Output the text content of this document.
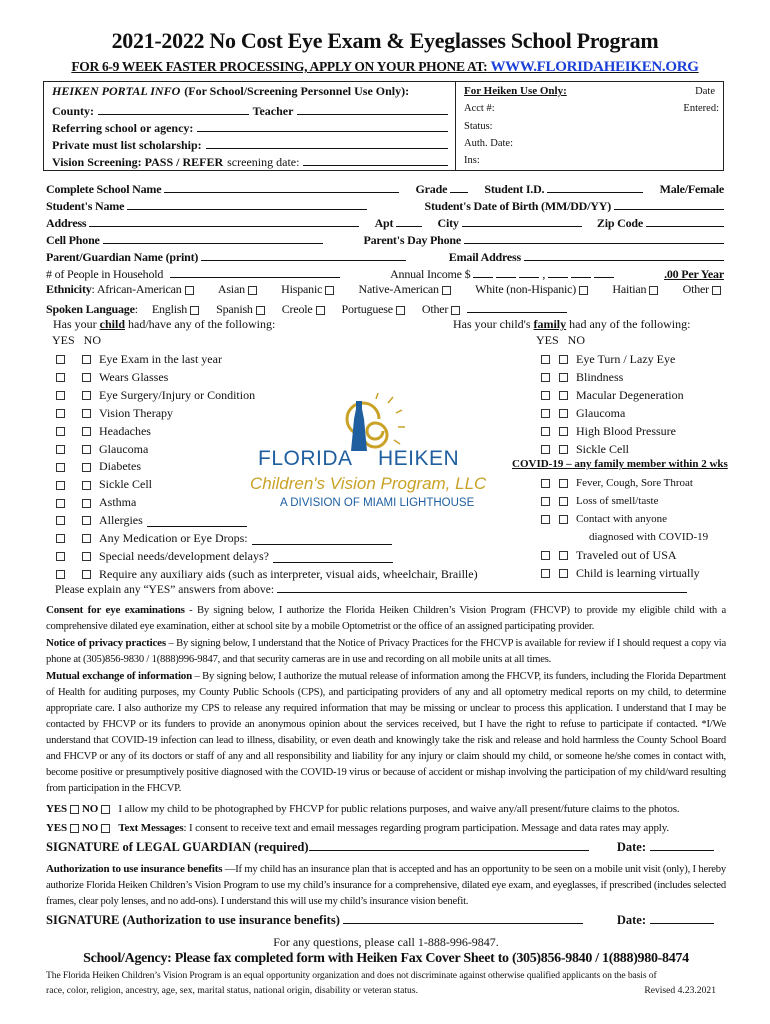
2021-2022 No Cost Eye Exam & Eyeglasses School Program
FOR 6-9 WEEK FASTER PROCESSING, APPLY ON YOUR PHONE AT: WWW.FLORIDAHEIKEN.ORG
HEIKEN PORTAL INFO (For School/Screening Personnel Use Only):
County:	Teacher
Referring school or agency:
Private must list scholarship:
Vision Screening: PASS / REFER screening date:
For Heiken Use Only:	Date
Entered:
Acct #:
Status:
Auth. Date:
Ins:
Complete School Name	Grade	Student I.D.	Male/Female
Student's Name	Student's Date of Birth (MM/DD/YY)
Address	Apt	City	Zip Code
Cell Phone	Parent's Day Phone
Parent/Guardian Name (print)	Email Address
# of People in Household	Annual Income $	,	.00 Per Year
Ethnicity: African-American	Asian	Hispanic	Native-American	White (non-Hispanic)	Haitian	Other
Spoken Language: English	Spanish	Creole	Portuguese	Other
Has your child had/have any of the following:	Has your child's family had any of the following:
YES NO	YES NO
Eye Exam in the last year
Wears Glasses
Eye Surgery/Injury or Condition
Vision Therapy
Headaches
Glaucoma
Diabetes
Sickle Cell
Asthma
Allergies
Any Medication or Eye Drops:
Special needs/development delays?
Require any auxiliary aids (such as interpreter, visual aids, wheelchair, Braille)
Eye Turn / Lazy Eye
Blindness
Macular Degeneration
Glaucoma
High Blood Pressure
Sickle Cell
Fever, Cough, Sore Throat
Loss of smell/taste
Contact with anyone
diagnosed with COVID-19
Traveled out of USA
Child is learning virtually
COVID-19 – any family member within 2 wks
Please explain any “YES” answers from above:
FLORIDA HEIKEN
Children's Vision Program, LLC
A DIVISION OF MIAMI LIGHTHOUSE
Consent for eye examinations - By signing below, I authorize the Florida Heiken Children’s Vision Program (FHCVP) to provide my eligible child with a comprehensive dilated eye examination, either at school site by a mobile Optometrist or the office of an assigned participating provider.
Notice of privacy practices – By signing below, I understand that the Notice of Privacy Practices for the FHCVP is available for review if I should request a copy via phone at (305)856-9830 / 1(888)996-9847, and that security cameras are in use and recording on all mobile units at all times.
Mutual exchange of information – By signing below, I authorize the mutual release of information among the FHCVP, its funders, including the Florida Department of Health for auditing purposes, my County Public Schools (CPS), and participating providers of any and all optometry medical reports on my child, to determine appropriate care. I also authorize my CPS to release any required information that may be missing or unclear to process this application. I understand that I may be contacted by FHCVP or its funders to provide an anonymous opinion about the services received, but I have the right to refuse to participate if contacted. *I/We understand that COVID-19 infection can lead to illness, disability, or even death and knowingly take the risk and release and hold harmless the County School Board and FHCVP or any of its doctors or staff of any and all responsibility and liability for any injury or claim should my child, or someone he/she comes in contact with, become positive or presumptively positive diagnosed with the COVID-19 virus or because of accident or mishap involving the participation of my child/ward resulting from participation in the FHCVP.
YES NO I allow my child to be photographed by FHCVP for public relations purposes, and waive any/all present/future claims to the photos.
YES NO Text Messages: I consent to receive text and email messages regarding program participation. Message and data rates may apply.
SIGNATURE of LEGAL GUARDIAN (required)	Date:
Authorization to use insurance benefits —If my child has an insurance plan that is accepted and has an opportunity to be seen on a mobile unit visit (only), I hereby authorize Florida Heiken Children’s Vision Program to use my child’s insurance for a comprehensive, dilated eye exam, and eyeglasses, if prescribed (includes selected frames, clear poly lenses, and no add-ons). I understand this will use my child’s insurance vision benefit.
SIGNATURE (Authorization to use insurance benefits)
	Date:
For any questions, please call 1-888-996-9847.
School/Agency: Please fax completed form with Heiken Fax Cover Sheet to (305)856-9840 / 1(888)980-8474
The Florida Heiken Children’s Vision Program is an equal opportunity organization and does not discriminate against otherwise qualified applicants on the basis of
race, color, religion, ancestry, age, sex, marital status, national origin, disability or veteran status.	Revised 4.23.2021
